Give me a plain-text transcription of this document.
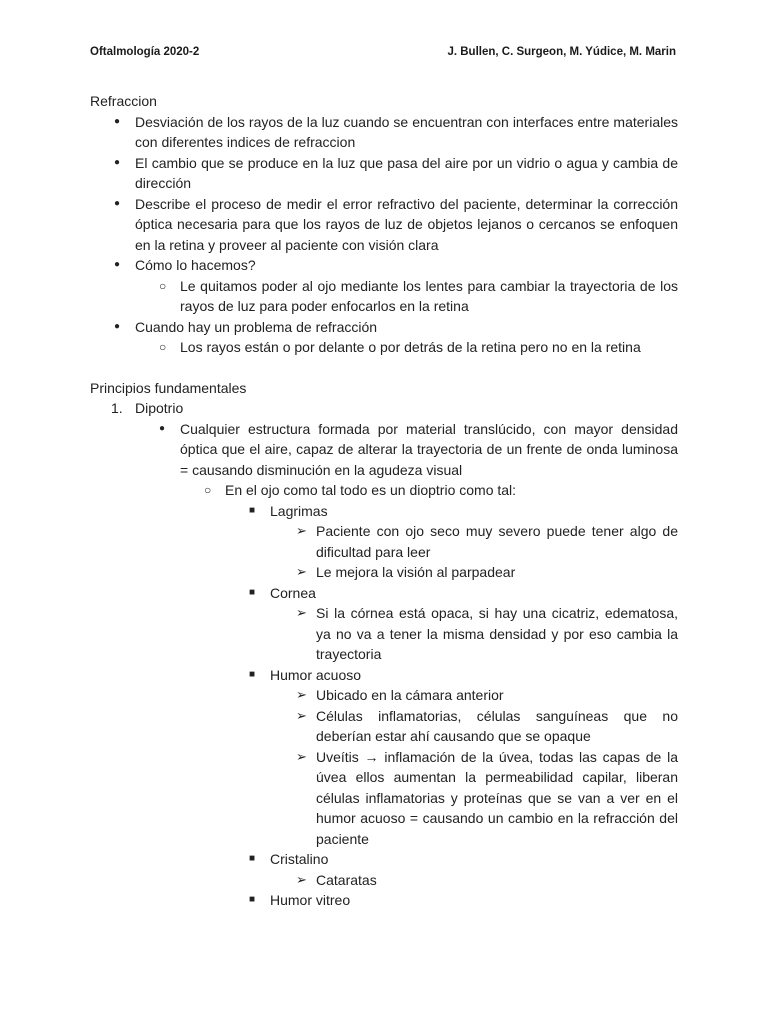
Oftalmología 2020-2	J. Bullen, C. Surgeon, M. Yúdice, M. Marin

Refraccion

● Desviación de los rayos de la luz cuando se encuentran con interfaces entre materiales con diferentes indices de refraccion
● El cambio que se produce en la luz que pasa del aire por un vidrio o agua y cambia de dirección
● Describe el proceso de medir el error refractivo del paciente, determinar la corrección óptica necesaria para que los rayos de luz de objetos lejanos o cercanos se enfoquen en la retina y proveer al paciente con visión clara
● Cómo lo hacemos?
○ Le quitamos poder al ojo mediante los lentes para cambiar la trayectoria de los rayos de luz para poder enfocarlos en la retina
● Cuando hay un problema de refracción
○ Los rayos están o por delante o por detrás de la retina pero no en la retina

Principios fundamentales

1. Dipotrio
● Cualquier estructura formada por material translúcido, con mayor densidad óptica que el aire, capaz de alterar la trayectoria de un frente de onda luminosa = causando disminución en la agudeza visual
○ En el ojo como tal todo es un dioptrio como tal:
■ Lagrimas
➢ Paciente con ojo seco muy severo puede tener algo de dificultad para leer
➢ Le mejora la visión al parpadear
■ Cornea
➢ Si la córnea está opaca, si hay una cicatriz, edematosa, ya no va a tener la misma densidad y por eso cambia la trayectoria
■ Humor acuoso
➢ Ubicado en la cámara anterior
➢ Células inflamatorias, células sanguíneas que no deberían estar ahí causando que se opaque
➢ Uveítis → inflamación de la úvea, todas las capas de la úvea ellos aumentan la permeabilidad capilar, liberan células inflamatorias y proteínas que se van a ver en el humor acuoso = causando un cambio en la refracción del paciente
■ Cristalino
➢ Cataratas
■ Humor vitreo
